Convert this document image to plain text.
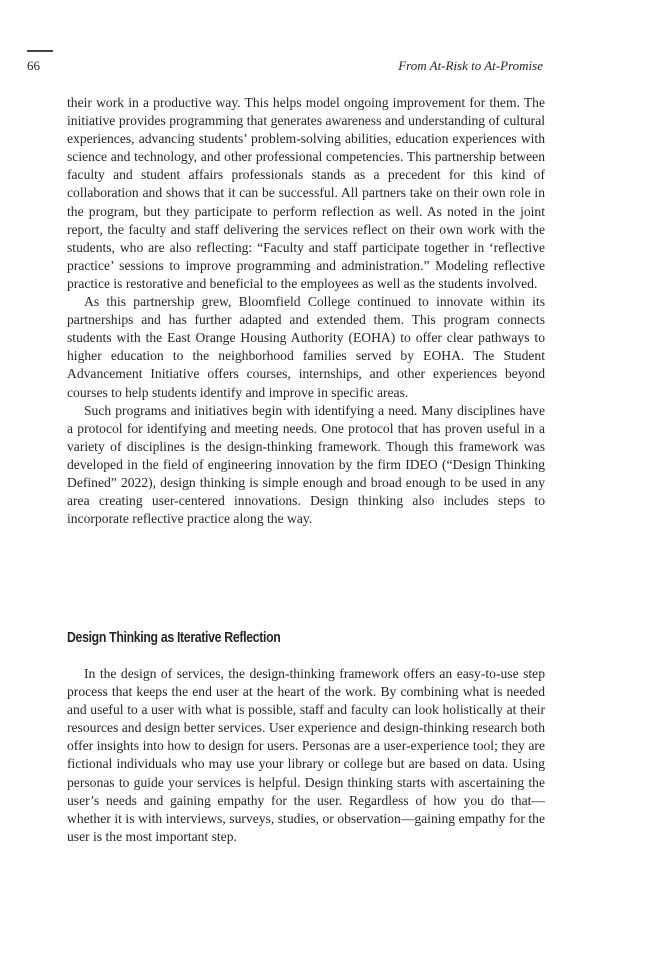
66	From At-Risk to At-Promise

their work in a productive way. This helps model ongoing improvement for them. The initiative provides programming that generates awareness and understanding of cultural experiences, advancing students’ problem-solving abilities, education experiences with science and technology, and other professional competencies. This partnership between faculty and student affairs professionals stands as a precedent for this kind of collaboration and shows that it can be successful. All partners take on their own role in the program, but they participate to perform reflection as well. As noted in the joint report, the faculty and staff delivering the services reflect on their own work with the students, who are also reflecting: “Faculty and staff participate together in ‘reflective practice’ sessions to improve programming and administration.” Modeling reflective practice is restorative and beneficial to the employees as well as the students involved.

As this partnership grew, Bloomfield College continued to innovate within its partnerships and has further adapted and extended them. This program connects students with the East Orange Housing Authority (EOHA) to offer clear pathways to higher education to the neighborhood families served by EOHA. The Student Advancement Initiative offers courses, internships, and other experiences beyond courses to help students identify and improve in specific areas.

Such programs and initiatives begin with identifying a need. Many disciplines have a protocol for identifying and meeting needs. One protocol that has proven useful in a variety of disciplines is the design-thinking framework. Though this framework was developed in the field of engineering innovation by the firm IDEO (“Design Thinking Defined” 2022), design thinking is simple enough and broad enough to be used in any area creating user-centered innovations. Design thinking also includes steps to incorporate reflective practice along the way.

Design Thinking as Iterative Reflection

In the design of services, the design-thinking framework offers an easy-to-use step process that keeps the end user at the heart of the work. By combining what is needed and useful to a user with what is possible, staff and faculty can look holistically at their resources and design better services. User experience and design-thinking research both offer insights into how to design for users. Personas are a user-experience tool; they are fictional individuals who may use your library or college but are based on data. Using personas to guide your services is helpful. Design thinking starts with ascertaining the user’s needs and gaining empathy for the user. Regardless of how you do that—whether it is with interviews, surveys, studies, or observation—gaining empathy for the user is the most important step.
